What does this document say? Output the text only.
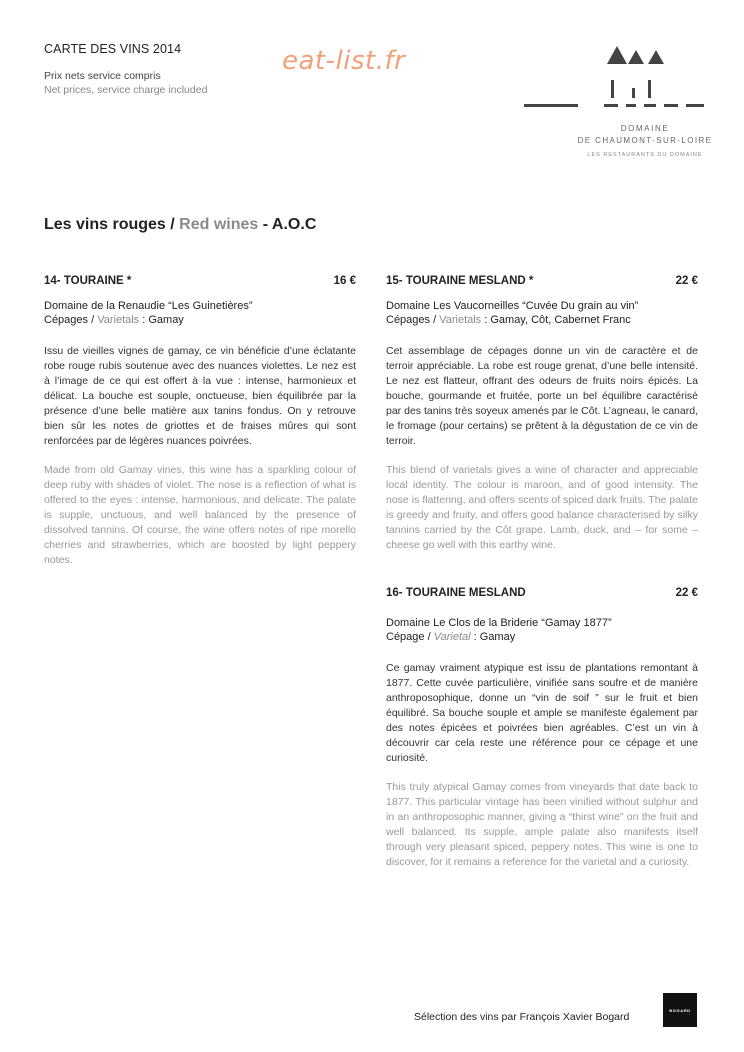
CARTE DES VINS 2014
Prix nets service compris
Net prices, service charge included
eat-list.fr
DOMAINE
DE CHAUMONT-SUR-LOIRE
LES RESTAURANTS DU DOMAINE
Les vins rouges / Red wines - A.O.C
14- TOURAINE *	16 €
Domaine de la Renaudie “Les Guinetières”
Cépages / Varietals : Gamay

Issu de vieilles vignes de gamay, ce vin bénéficie d’une éclatante robe rouge rubis soutenue avec des nuances violettes. Le nez est à l’image de ce qui est offert à la vue : intense, harmonieux et délicat. La bouche est souple, onctueuse, bien équilibrée par la présence d’une belle matière aux tanins fondus. On y retrouve bien sûr les notes de griottes et de fraises mûres qui sont renforcées par de légères nuances poivrées.

Made from old Gamay vines, this wine has a sparkling colour of deep ruby with shades of violet. The nose is a reflection of what is offered to the eyes : intense, harmonious, and delicate. The palate is supple, unctuous, and well balanced by the presence of dissolved tannins. Of course, the wine offers notes of ripe morello cherries and strawberries, which are boosted by light peppery notes.

15- TOURAINE MESLAND *	22 €
Domaine Les Vaucorneilles “Cuvée Du grain au vin”
Cépages / Varietals : Gamay, Côt, Cabernet Franc

Cet assemblage de cépages donne un vin de caractère et de terroir appréciable. La robe est rouge grenat, d’une belle intensité. Le nez est flatteur, offrant des odeurs de fruits noirs épicés. La bouche, gourmande et fruitée, porte un bel équilibre caractérisé par des tanins très soyeux amenés par le Côt. L’agneau, le canard, le fromage (pour certains) se prêtent à la dégustation de ce vin de terroir.

This blend of varietals gives a wine of character and appreciable local identity. The colour is maroon, and of good intensity. The nose is flattering, and offers scents of spiced dark fruits. The palate is greedy and fruity, and offers good balance characterised by silky tannins carried by the Côt grape. Lamb, duck, and – for some – cheese go well with this earthy wine.

16- TOURAINE MESLAND	22 €
Domaine Le Clos de la Briderie “Gamay 1877”
Cépage / Varietal : Gamay

Ce gamay vraiment atypique est issu de plantations remontant à 1877. Cette cuvée particulière, vinifiée sans soufre et de manière anthroposophique, donne un “vin de soif ” sur le fruit et bien équilibré. Sa bouche souple et ample se manifeste également par des notes épicées et poivrées bien agréables. C’est un vin à découvrir car cela reste une référence pour ce cépage et une curiosité.

This truly atypical Gamay comes from vineyards that date back to 1877. This particular vintage has been vinified without sulphur and in an anthroposophic manner, giving a “thirst wine” on the fruit and well balanced. Its supple, ample palate also manifests itself through very pleasant spiced, peppery notes. This wine is one to discover, for it remains a reference for the varietal and a curiosity.

Sélection des vins par François Xavier Bogard
BOGARD
